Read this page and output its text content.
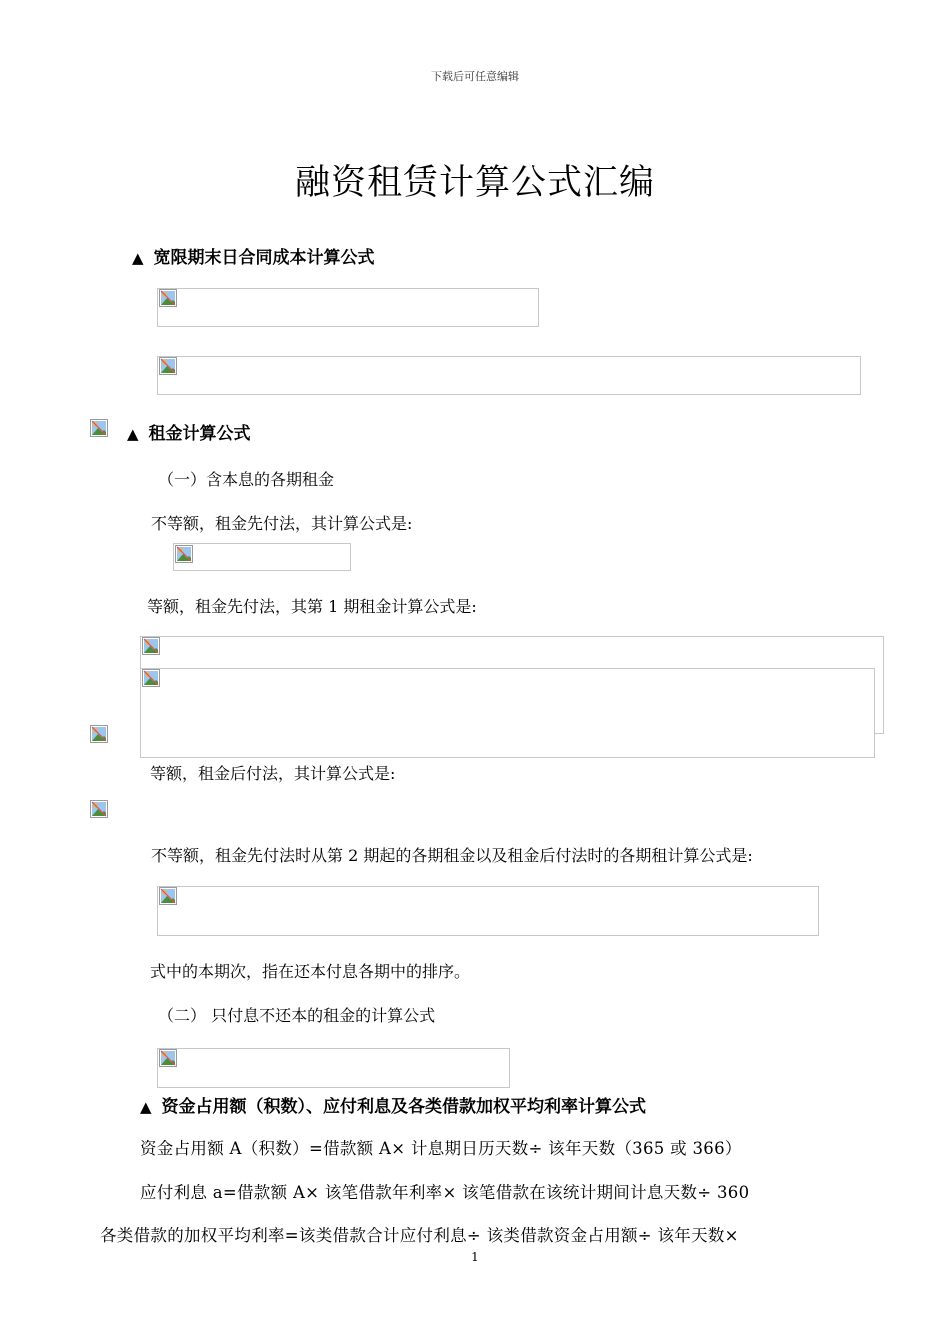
下载后可任意编辑
融资租赁计算公式汇编
▲ 宽限期末日合同成本计算公式
▲ 租金计算公式
（一）含本息的各期租金
不等额，租金先付法，其计算公式是:
等额，租金先付法，其第 1 期租金计算公式是:
等额，租金后付法，其计算公式是:
不等额，租金先付法时从第 2 期起的各期租金以及租金后付法时的各期租计算公式是:
式中的本期次，指在还本付息各期中的排序。
（二） 只付息不还本的租金的计算公式
▲ 资金占用额（积数）、应付利息及各类借款加权平均利率计算公式
资金占用额 A（积数）=借款额 A× 计息期日历天数÷ 该年天数（365 或 366）
应付利息 a=借款额 A× 该笔借款年利率× 该笔借款在该统计期间计息天数÷ 360
各类借款的加权平均利率=该类借款合计应付利息÷ 该类借款资金占用额÷ 该年天数×
1
